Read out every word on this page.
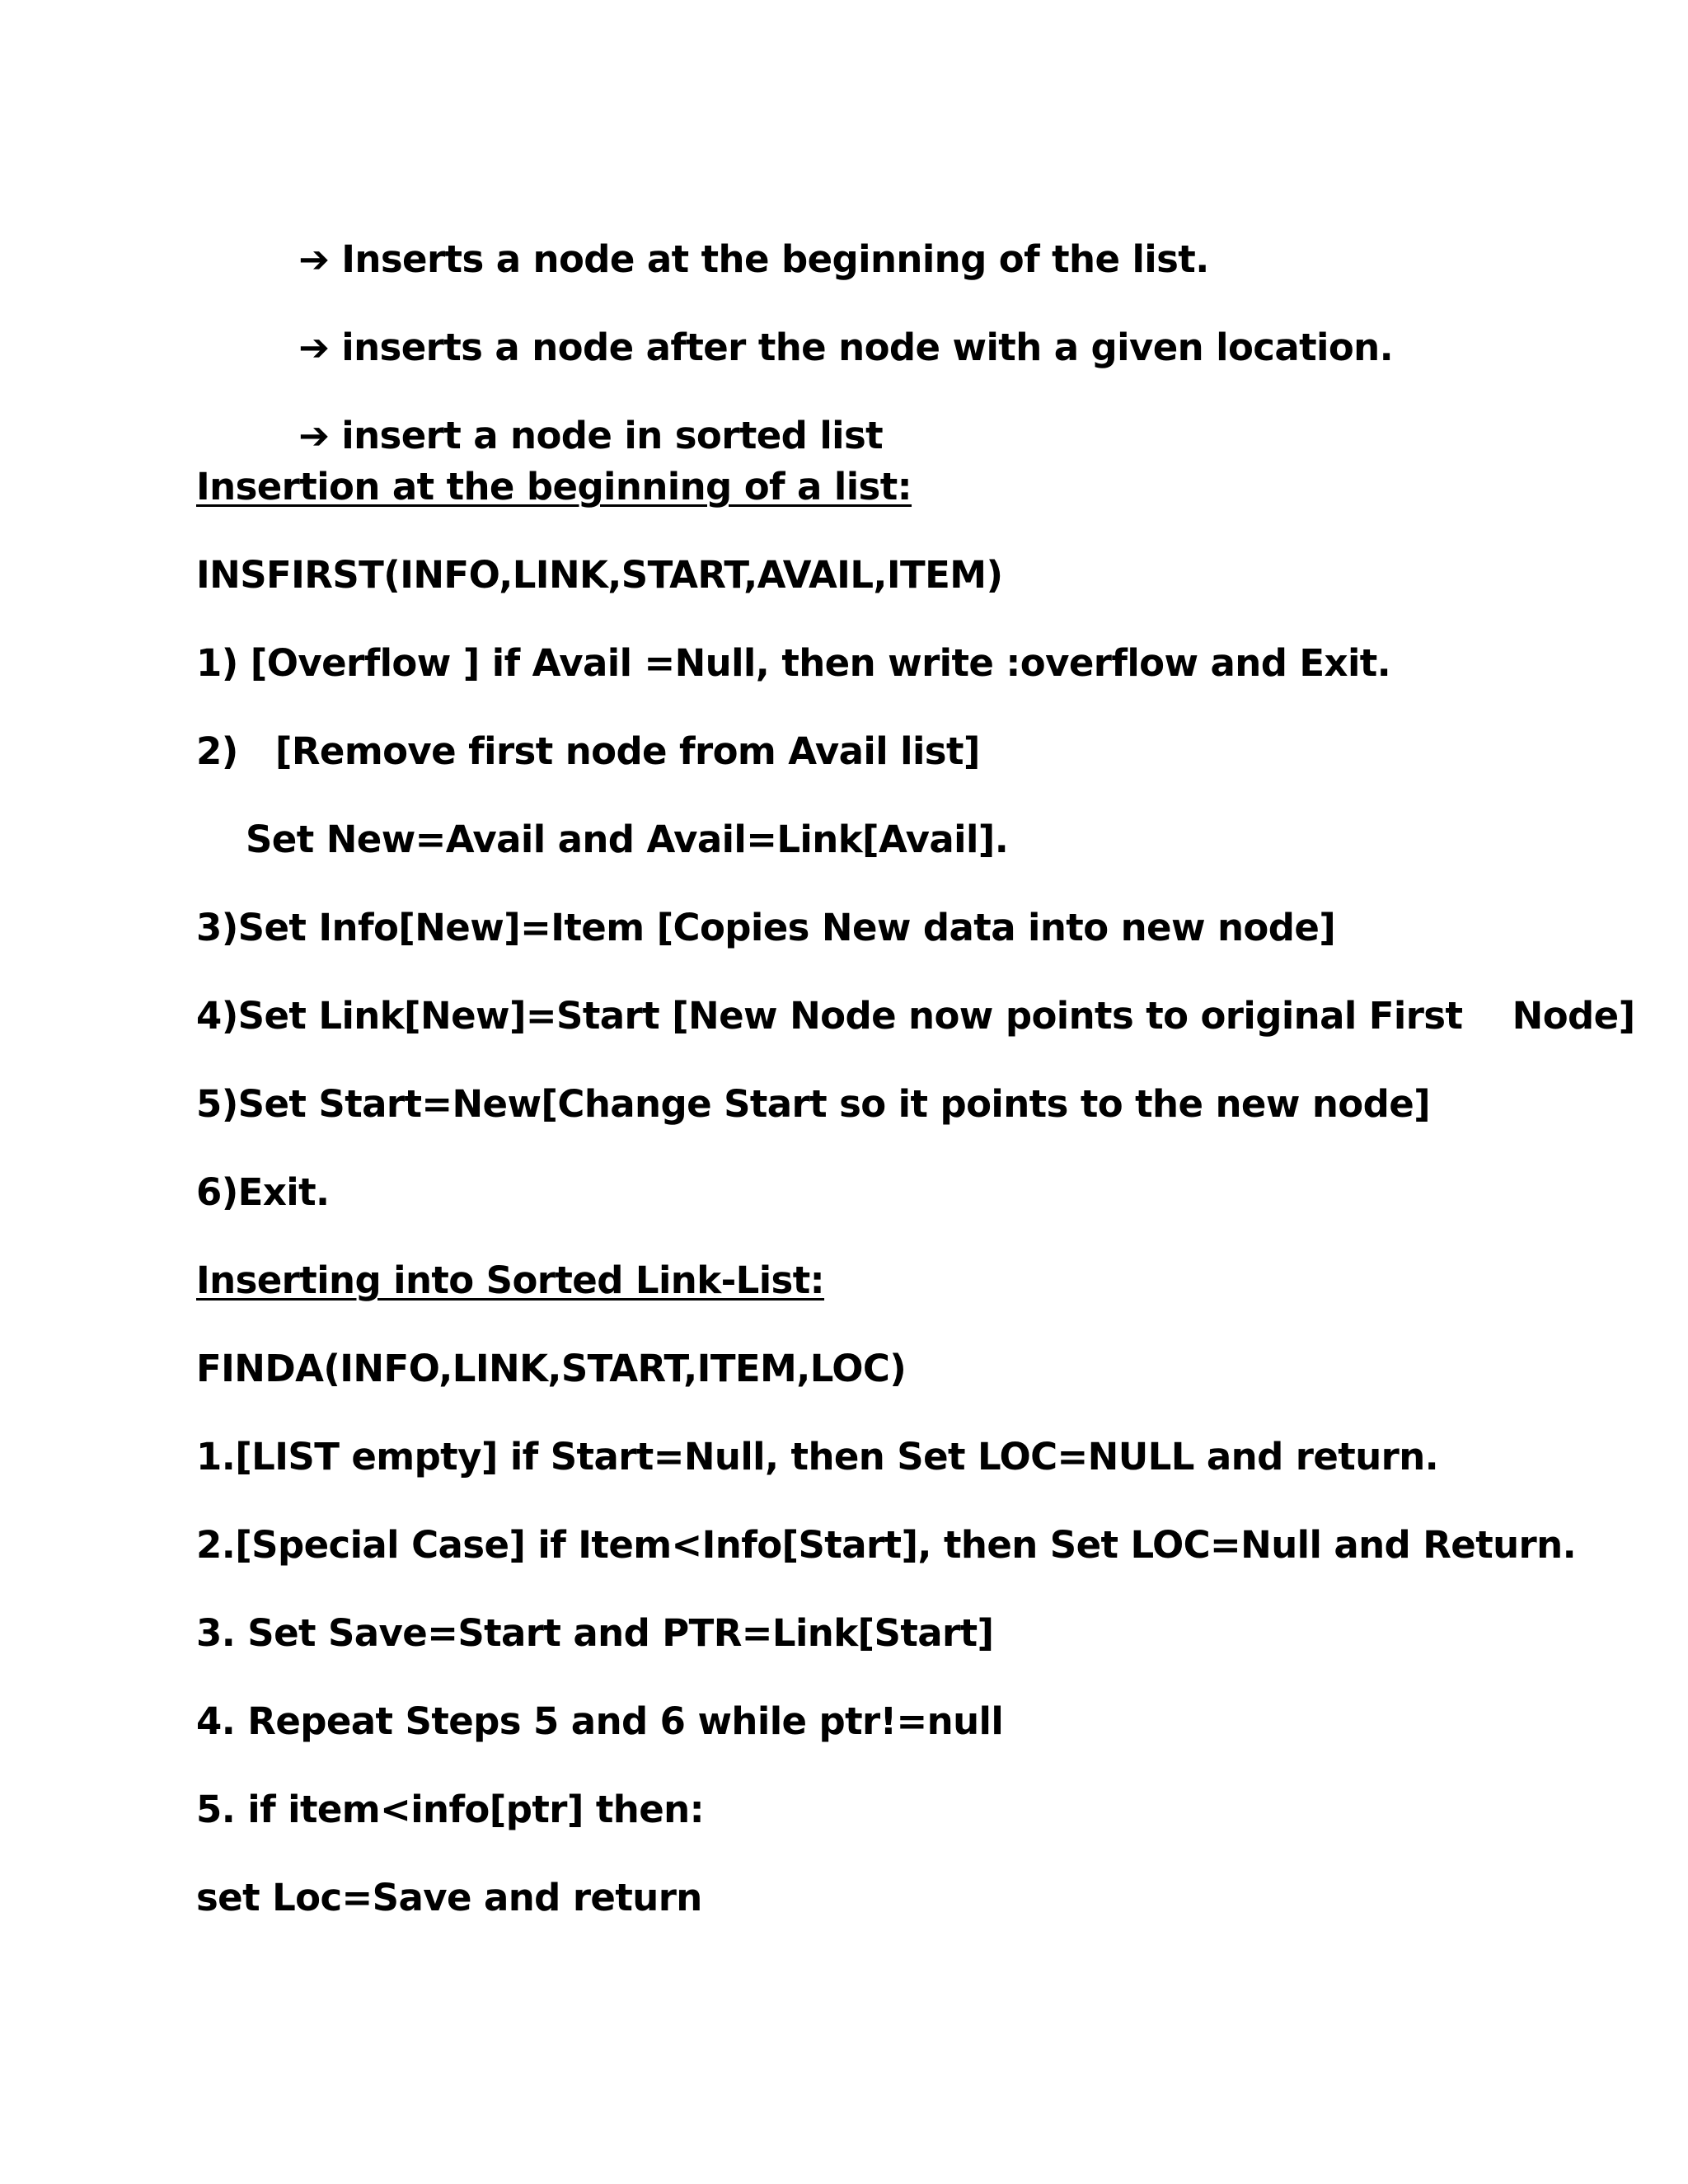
➔ Inserts a node at the beginning of the list.

➔ inserts a node after the node with a given location.

➔ insert a node in sorted list

Insertion at the beginning of a list:
INSFIRST(INFO,LINK,START,AVAIL,ITEM)
1) [Overflow ] if Avail =Null, then write :overflow and Exit.
2)   [Remove first node from Avail list]
Set New=Avail and Avail=Link[Avail].
3)Set Info[New]=Item [Copies New data into new node]
4)Set Link[New]=Start [New Node now points to original First    Node]
5)Set Start=New[Change Start so it points to the new node]
6)Exit.
Inserting into Sorted Link-List:
FINDA(INFO,LINK,START,ITEM,LOC)
1.[LIST empty] if Start=Null, then Set LOC=NULL and return.
2.[Special Case] if Item<Info[Start], then Set LOC=Null and Return.
3. Set Save=Start and PTR=Link[Start]
4. Repeat Steps 5 and 6 while ptr!=null
5. if item<info[ptr] then:
set Loc=Save and return
